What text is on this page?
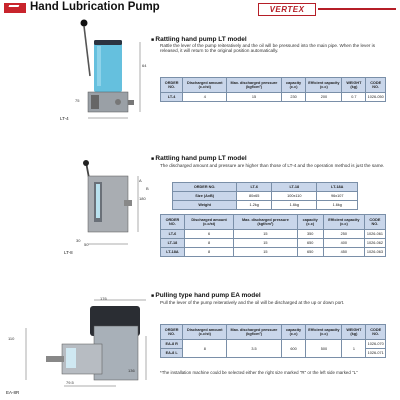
Hand Lubrication Pump	VERTEX
64
75
LT-4
■ Rattling hand pump LT model
Rattle the lever of the pump reiteratively and the oil will be pressured into the main pipe. When the lever is released, it will return to the original position automatically.
ORDER NO.	Discharged amount (c.c/st)	Max. discharged pressure (kgf/cm²)	capacity (c.c)	Efficient capacity (c.c)	WEIGHT (kg)	CODE NO.
LT-4	4	15	230	200	0.7	1026-050
A
B
180
30
50
LT-8
■ Rattling hand pump LT model
The discharged amount and pressure are higher than those of LT-4 and the operation method is just the same.
ORDER NO.	LT-6	LT-18	LT-18A
Size (AxB)	80x65	100x110	96x107
Weight	1.2kg	1.6kg	1.6kg
ORDER NO.	Discharged amount (c.c/st)	Max. discharged pressure (kgf/cm²)	capacity (c.c)	Efficient capacity (c.c)	CODE NO.
LT-6	6	15	350	250	1026-061
LT-18	8	15	650	400	1026-062
LT-18A	8	15	650	450	1026-063
176
110
136
79.5
EA-8R
■ Pulling type hand pump EA model
Pull the lever of the pump reiteratively and the oil will be discharged at the up or down port.
ORDER NO.	Discharged amount (c.c/st)	Max. discharged pressure (kgf/cm²)	capacity (c.c)	Efficient capacity (c.c)	WEIGHT (kg)	CODE NO.
EA-8 R	8	3.5	600	500	1	1026-070
EA-8 L						1026-071
*The installation machine could be selected either the right size marked "R" or the left side marked "L"
